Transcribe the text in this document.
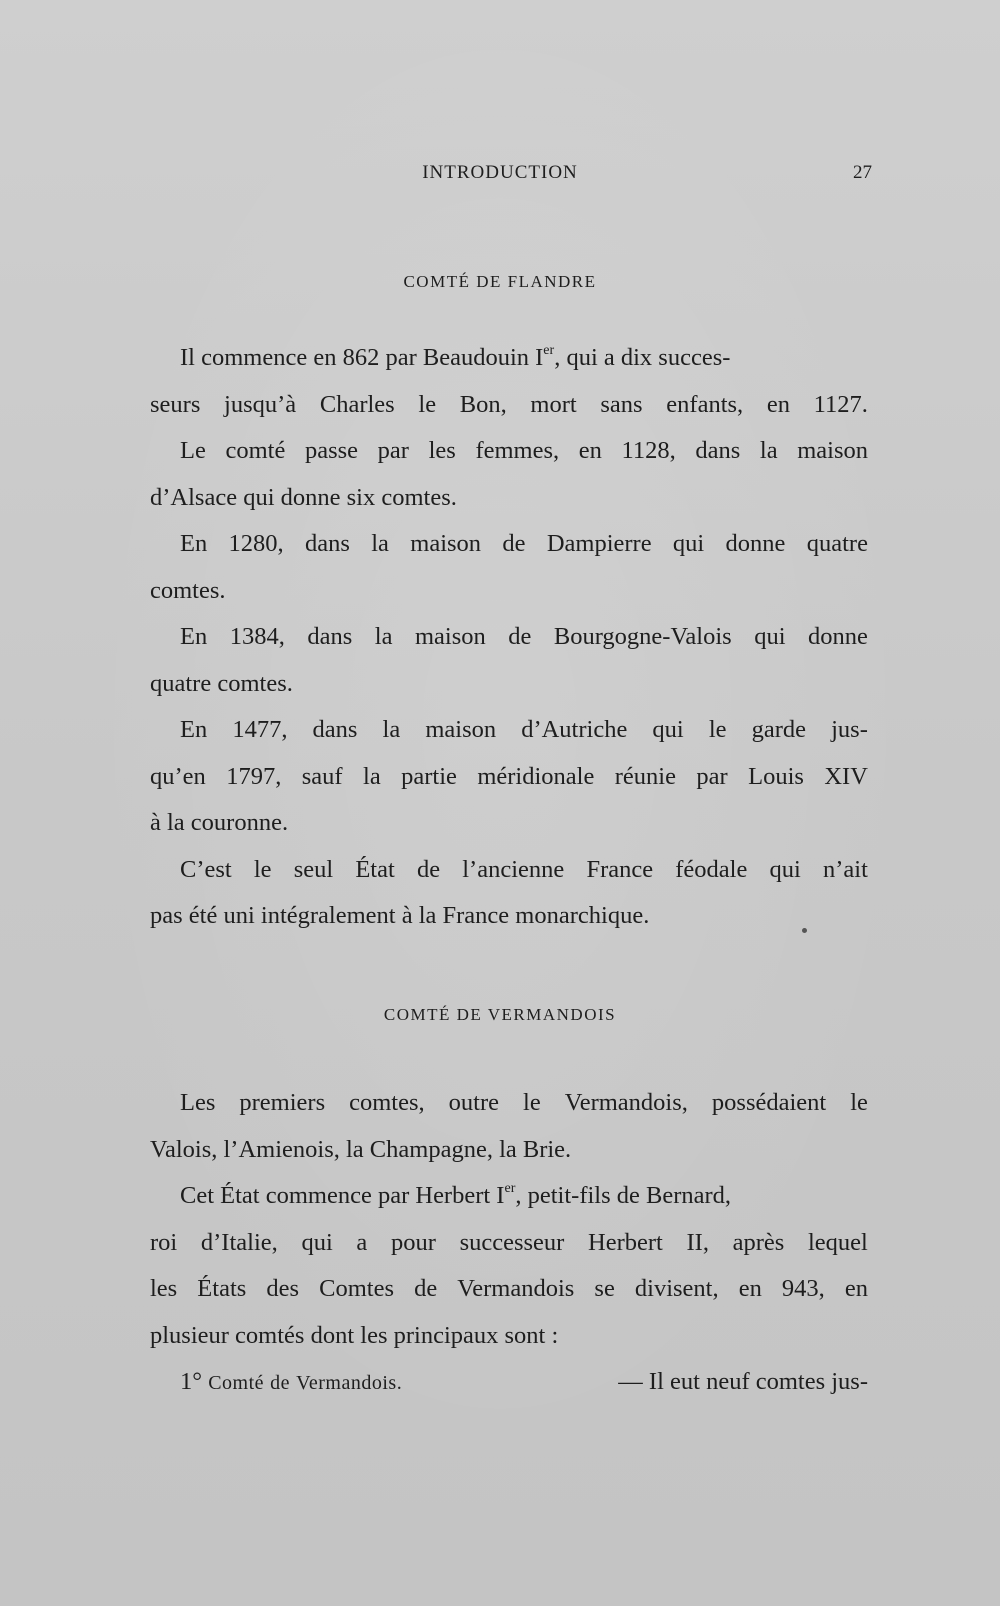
INTRODUCTION	27
COMTÉ DE FLANDRE
Il commence en 862 par Beaudouin Ier, qui a dix succes-
seurs jusqu’à Charles le Bon, mort sans enfants, en 1127.
Le comté passe par les femmes, en 1128, dans la maison
d’Alsace qui donne six comtes.
En 1280, dans la maison de Dampierre qui donne quatre
comtes.
En 1384, dans la maison de Bourgogne-Valois qui donne
quatre comtes.
En 1477, dans la maison d’Autriche qui le garde jus-
qu’en 1797, sauf la partie méridionale réunie par Louis XIV
à la couronne.
C’est le seul État de l’ancienne France féodale qui n’ait
pas été uni intégralement à la France monarchique.
COMTÉ DE VERMANDOIS
Les premiers comtes, outre le Vermandois, possédaient le
Valois, l’Amienois, la Champagne, la Brie.
Cet État commence par Herbert Ier, petit-fils de Bernard,
roi d’Italie, qui a pour successeur Herbert II, après lequel
les États des Comtes de Vermandois se divisent, en 943, en
plusieur comtés dont les principaux sont :
1° Comté de Vermandois.	— Il eut neuf comtes jus-
